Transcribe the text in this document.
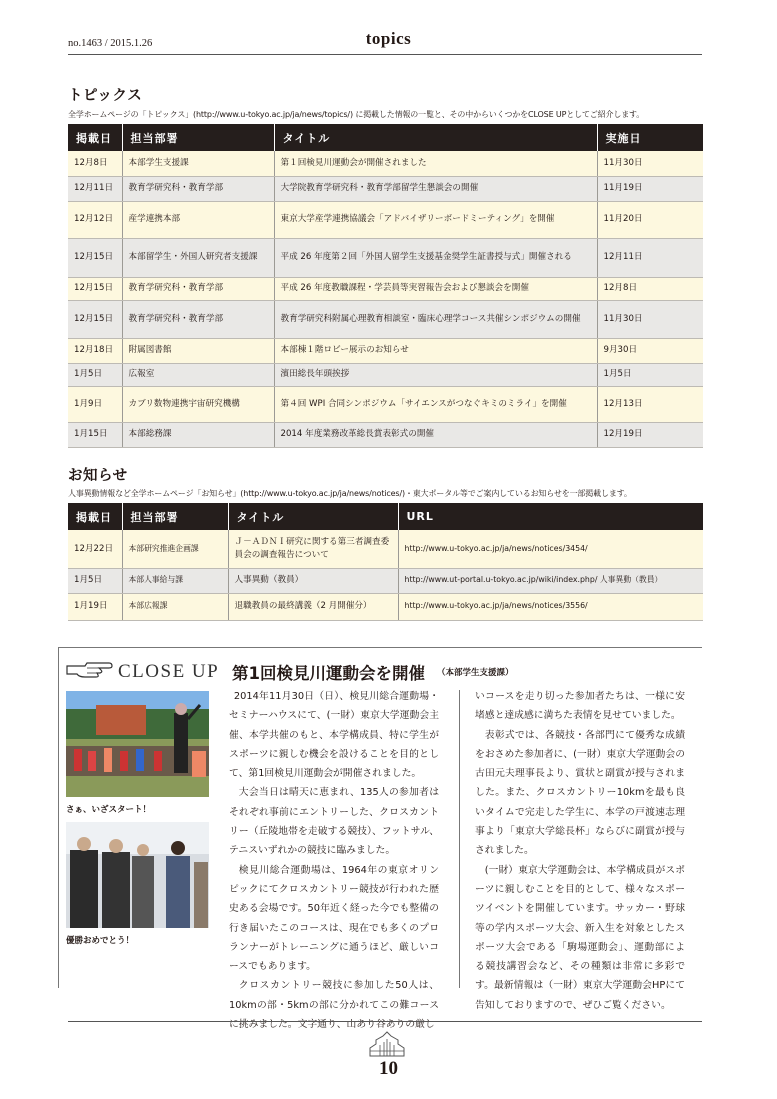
no.1463 / 2015.1.26	topics
トピックス
全学ホームページの「トピックス」(http://www.u-tokyo.ac.jp/ja/news/topics/) に掲載した情報の一覧と、その中からいくつかをCLOSE UPとしてご紹介します。
掲載日	担当部署	タイトル	実施日
12月8日	本部学生支援課	第１回検見川運動会が開催されました	11月30日
12月11日	教育学研究科・教育学部	大学院教育学研究科・教育学部留学生懇談会の開催	11月19日
12月12日	産学連携本部	東京大学産学連携協議会「アドバイザリーボードミーティング」を開催	11月20日
12月15日	本部留学生・外国人研究者支援課	平成 26 年度第２回「外国人留学生支援基金奨学生証書授与式」開催される	12月11日
12月15日	教育学研究科・教育学部	平成 26 年度教職課程・学芸員等実習報告会および懇談会を開催	12月8日
12月15日	教育学研究科・教育学部	教育学研究科附属心理教育相談室・臨床心理学コース共催シンポジウムの開催	11月30日
12月18日	附属図書館	本部棟１階ロビー展示のお知らせ	9月30日
1月5日	広報室	濱田総長年頭挨拶	1月5日
1月9日	カブリ数物連携宇宙研究機構	第４回 WPI 合同シンポジウム「サイエンスがつなぐキミのミライ」を開催	12月13日
1月15日	本部総務課	2014 年度業務改革総長賞表彰式の開催	12月19日
お知らせ
人事異動情報など全学ホームページ「お知らせ」(http://www.u-tokyo.ac.jp/ja/news/notices/)・東大ポータル等でご案内しているお知らせを一部掲載します。
掲載日	担当部署	タイトル	URL
12月22日	本部研究推進企画課	Ｊ－ＡＤＮＩ研究に関する第三者調査委員会の調査報告について	http://www.u-tokyo.ac.jp/ja/news/notices/3454/
1月5日	本部人事給与課	人事異動（教員）	http://www.ut-portal.u-tokyo.ac.jp/wiki/index.php/ 人事異動（教員）
1月19日	本部広報課	退職教員の最終講義（2 月開催分）	http://www.u-tokyo.ac.jp/ja/news/notices/3556/
CLOSE UP 第1回検見川運動会を開催 （本部学生支援課）
さぁ、いざスタート！
優勝おめでとう！

2014年11月30日（日）、検見川総合運動場・セミナーハウスにて、(一財）東京大学運動会主催、本学共催のもと、本学構成員、特に学生がスポーツに親しむ機会を設けることを目的として、第1回検見川運動会が開催されました。

大会当日は晴天に恵まれ、135人の参加者はそれぞれ事前にエントリーした、クロスカントリー（丘陵地帯を走破する競技）、フットサル、テニスいずれかの競技に臨みました。

検見川総合運動場は、1964年の東京オリンピックにてクロスカントリー競技が行われた歴史ある会場です。50年近く経った今でも整備の行き届いたこのコースは、現在でも多くのプロランナーがトレーニングに通うほど、厳しいコースでもあります。

クロスカントリー競技に参加した50人は、10kmの部・5kmの部に分かれてこの難コースに挑みました。文字通り、山あり谷ありの厳し

いコースを走り切った参加者たちは、一様に安堵感と達成感に満ちた表情を見せていました。

表彰式では、各競技・各部門にて優秀な成績をおさめた参加者に、(一財）東京大学運動会の古田元夫理事長より、賞状と副賞が授与されました。また、クロスカントリー10kmを最も良いタイムで完走した学生に、本学の戸渡速志理事より「東京大学総長杯」ならびに副賞が授与されました。

(一財）東京大学運動会は、本学構成員がスポーツに親しむことを目的として、様々なスポーツイベントを開催しています。サッカー・野球等の学内スポーツ大会、新入生を対象としたスポーツ大会である「駒場運動会」、運動部による競技講習会など、その種類は非常に多彩です。最新情報は（一財）東京大学運動会HPにて告知しておりますので、ぜひご覧ください。

10
